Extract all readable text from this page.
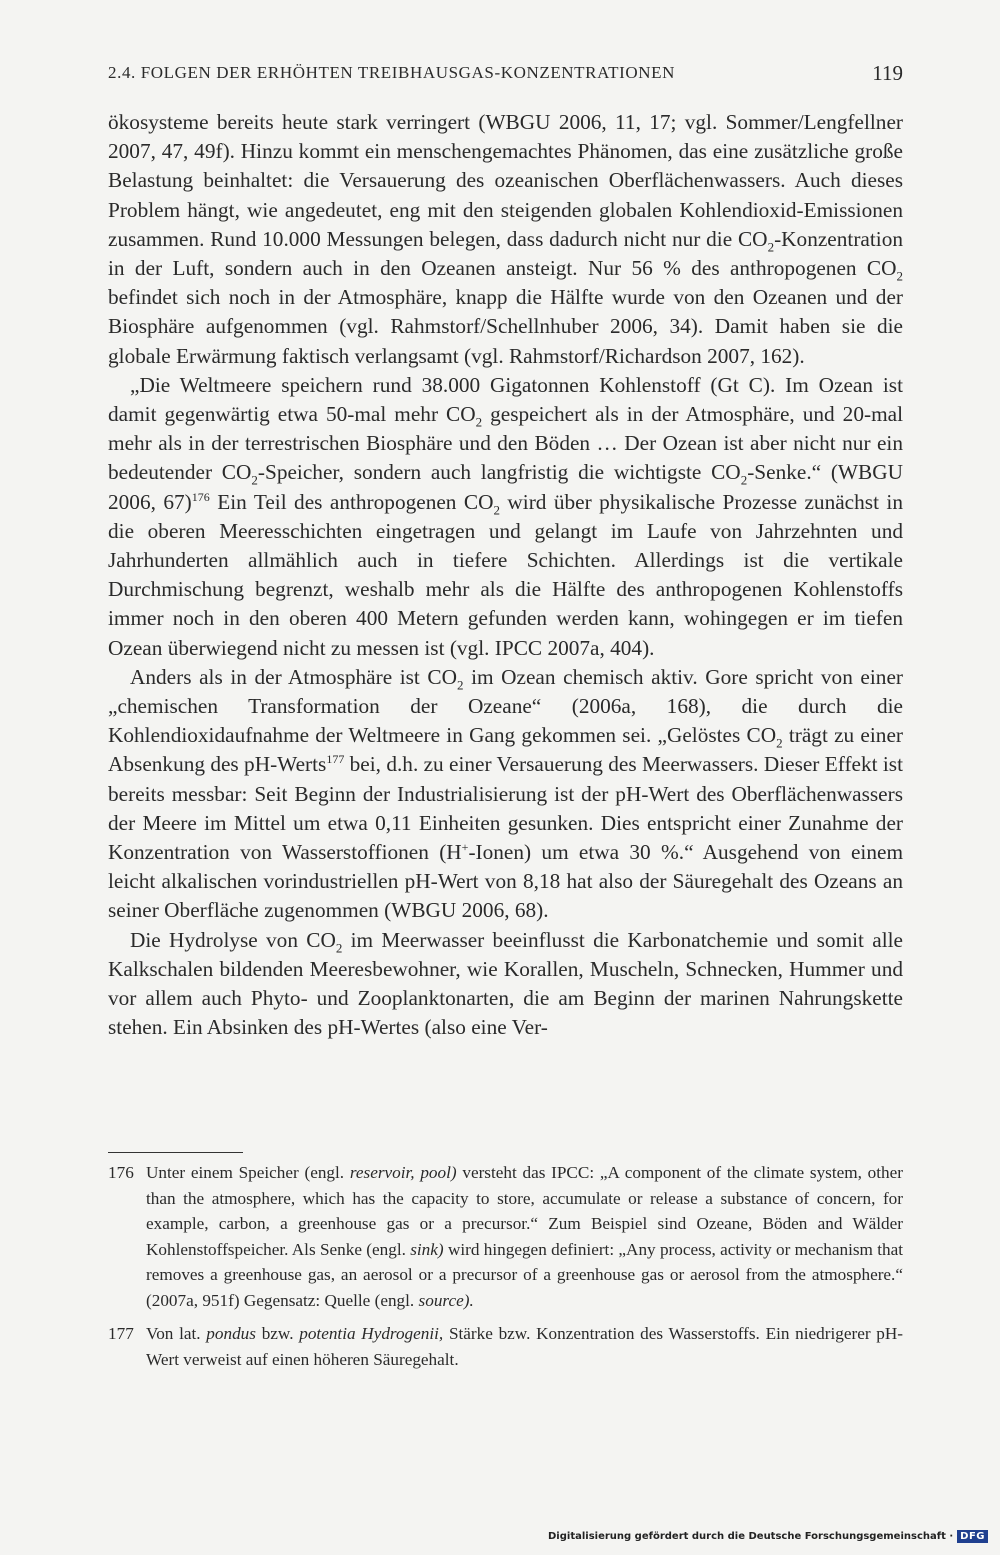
2.4. FOLGEN DER ERHÖHTEN TREIBHAUSGAS-KONZENTRATIONEN	119

ökosysteme bereits heute stark verringert (WBGU 2006, 11, 17; vgl. Sommer/Lengfellner 2007, 47, 49f). Hinzu kommt ein menschengemachtes Phänomen, das eine zusätzliche große Belastung beinhaltet: die Versauerung des ozeanischen Oberflächenwassers. Auch dieses Problem hängt, wie angedeutet, eng mit den steigenden globalen Kohlendioxid-Emissionen zusammen. Rund 10.000 Messungen belegen, dass dadurch nicht nur die $CO_2$-Konzentration in der Luft, sondern auch in den Ozeanen ansteigt. Nur 56 % des anthropogenen $CO_2$ befindet sich noch in der Atmosphäre, knapp die Hälfte wurde von den Ozeanen und der Biosphäre aufgenommen (vgl. Rahmstorf/Schellnhuber 2006, 34). Damit haben sie die globale Erwärmung faktisch verlangsamt (vgl. Rahmstorf/Richardson 2007, 162).

„Die Weltmeere speichern rund 38.000 Gigatonnen Kohlenstoff (Gt C). Im Ozean ist damit gegenwärtig etwa 50-mal mehr $CO_2$ gespeichert als in der Atmosphäre, und 20-mal mehr als in der terrestrischen Biosphäre und den Böden … Der Ozean ist aber nicht nur ein bedeutender $CO_2$-Speicher, sondern auch langfristig die wichtigste $CO_2-Senke.“$ (WBGU 2006, 67)$^{176}$ Ein Teil des anthropogenen $CO_2$ wird über physikalische Prozesse zunächst in die oberen Meeresschichten eingetragen und gelangt im Laufe von Jahrzehnten und Jahrhunderten allmählich auch in tiefere Schichten. Allerdings ist die vertikale Durchmischung begrenzt, weshalb mehr als die Hälfte des anthropogenen Kohlenstoffs immer noch in den oberen 400 Metern gefunden werden kann, wohingegen er im tiefen Ozean überwiegend nicht zu messen ist (vgl. IPCC 2007a, 404).

Anders als in der Atmosphäre ist $CO_2$ im Ozean chemisch aktiv. Gore spricht von einer „chemischen Transformation der Ozeane“ (2006a, 168), die durch die Kohlendioxidaufnahme der Weltmeere in Gang gekommen sei. „Gelöstes $CO_2$ trägt zu einer Absenkung des pH-Werts$^{177}$ bei, d.h. zu einer Versauerung des Meerwassers. Dieser Effekt ist bereits messbar: Seit Beginn der Industrialisierung ist der pH-Wert des Oberflächenwassers der Meere im Mittel um etwa 0,11 Einheiten gesunken. Dies entspricht einer Zunahme der Konzentration von Wasserstoffionen (H+-Ionen) um etwa 30 %.“ Ausgehend von einem leicht alkalischen vorindustriellen pH-Wert von 8,18 hat also der Säuregehalt des Ozeans an seiner Oberfläche zugenommen (WBGU 2006, 68).

Die Hydrolyse von $CO_2$ im Meerwasser beeinflusst die Karbonatchemie und somit alle Kalkschalen bildenden Meeresbewohner, wie Korallen, Muscheln, Schnecken, Hummer und vor allem auch Phyto- und Zooplanktonarten, die am Beginn der marinen Nahrungskette stehen. Ein Absinken des pH-Wertes (also eine Ver-

176 Unter einem Speicher (engl. reservoir, pool) versteht das IPCC: „A component of the climate system, other than the atmosphere, which has the capacity to store, accumulate or release a substance of concern, for example, carbon, a greenhouse gas or a precursor.“ Zum Beispiel sind Ozeane, Böden and Wälder Kohlenstoffspeicher. Als Senke (engl. sink) wird hingegen definiert: „Any process, activity or mechanism that removes a greenhouse gas, an aerosol or a precursor of a greenhouse gas or aerosol from the atmosphere.“ (2007a, 951f) Gegensatz: Quelle (engl. source).
177 Von lat. pondus bzw. potentia Hydrogenii, Stärke bzw. Konzentration des Wasserstoffs. Ein niedrigerer pH-Wert verweist auf einen höheren Säuregehalt.
Digitalisierung gefördert durch die Deutsche Forschungsgemeinschaft · DFG
